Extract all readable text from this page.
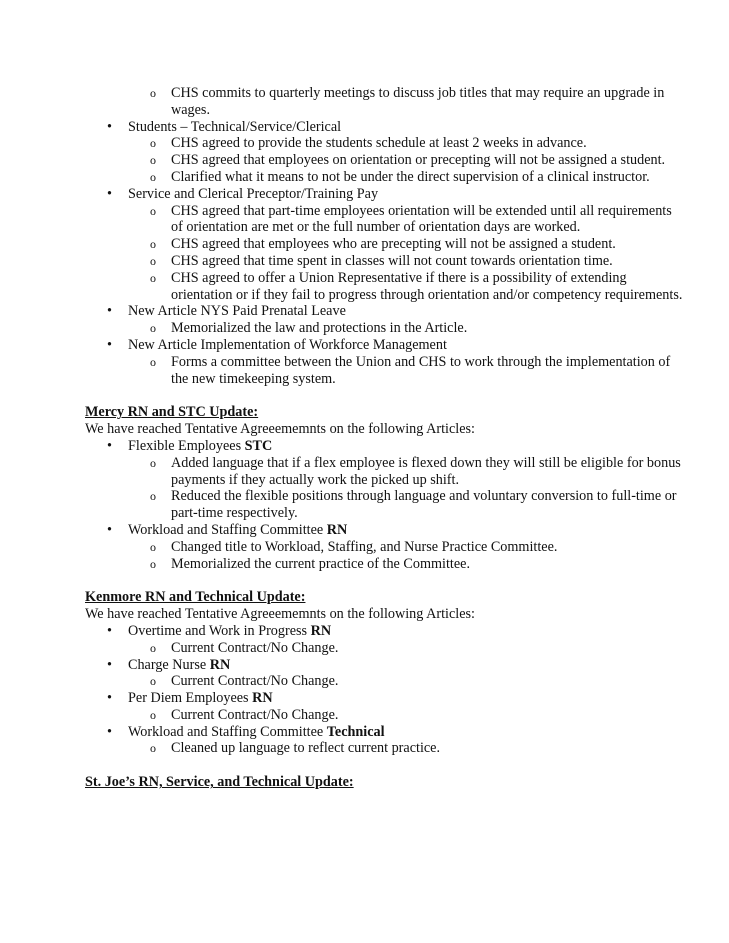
o CHS commits to quarterly meetings to discuss job titles that may require an upgrade in wages.
• Students – Technical/Service/Clerical
o CHS agreed to provide the students schedule at least 2 weeks in advance.
o CHS agreed that employees on orientation or precepting will not be assigned a student.
o Clarified what it means to not be under the direct supervision of a clinical instructor.
• Service and Clerical Preceptor/Training Pay
o CHS agreed that part-time employees orientation will be extended until all requirements of orientation are met or the full number of orientation days are worked.
o CHS agreed that employees who are precepting will not be assigned a student.
o CHS agreed that time spent in classes will not count towards orientation time.
o CHS agreed to offer a Union Representative if there is a possibility of extending orientation or if they fail to progress through orientation and/or competency requirements.
• New Article NYS Paid Prenatal Leave
o Memorialized the law and protections in the Article.
• New Article Implementation of Workforce Management
o Forms a committee between the Union and CHS to work through the implementation of the new timekeeping system.
Mercy RN and STC Update:
We have reached Tentative Agreeememnts on the following Articles:
• Flexible Employees STC
o Added language that if a flex employee is flexed down they will still be eligible for bonus payments if they actually work the picked up shift.
o Reduced the flexible positions through language and voluntary conversion to full-time or part-time respectively.
• Workload and Staffing Committee RN
o Changed title to Workload, Staffing, and Nurse Practice Committee.
o Memorialized the current practice of the Committee.
Kenmore RN and Technical Update:
We have reached Tentative Agreeememnts on the following Articles:
• Overtime and Work in Progress RN
o Current Contract/No Change.
• Charge Nurse RN
o Current Contract/No Change.
• Per Diem Employees RN
o Current Contract/No Change.
• Workload and Staffing Committee Technical
o Cleaned up language to reflect current practice.
St. Joe’s RN, Service, and Technical Update:
